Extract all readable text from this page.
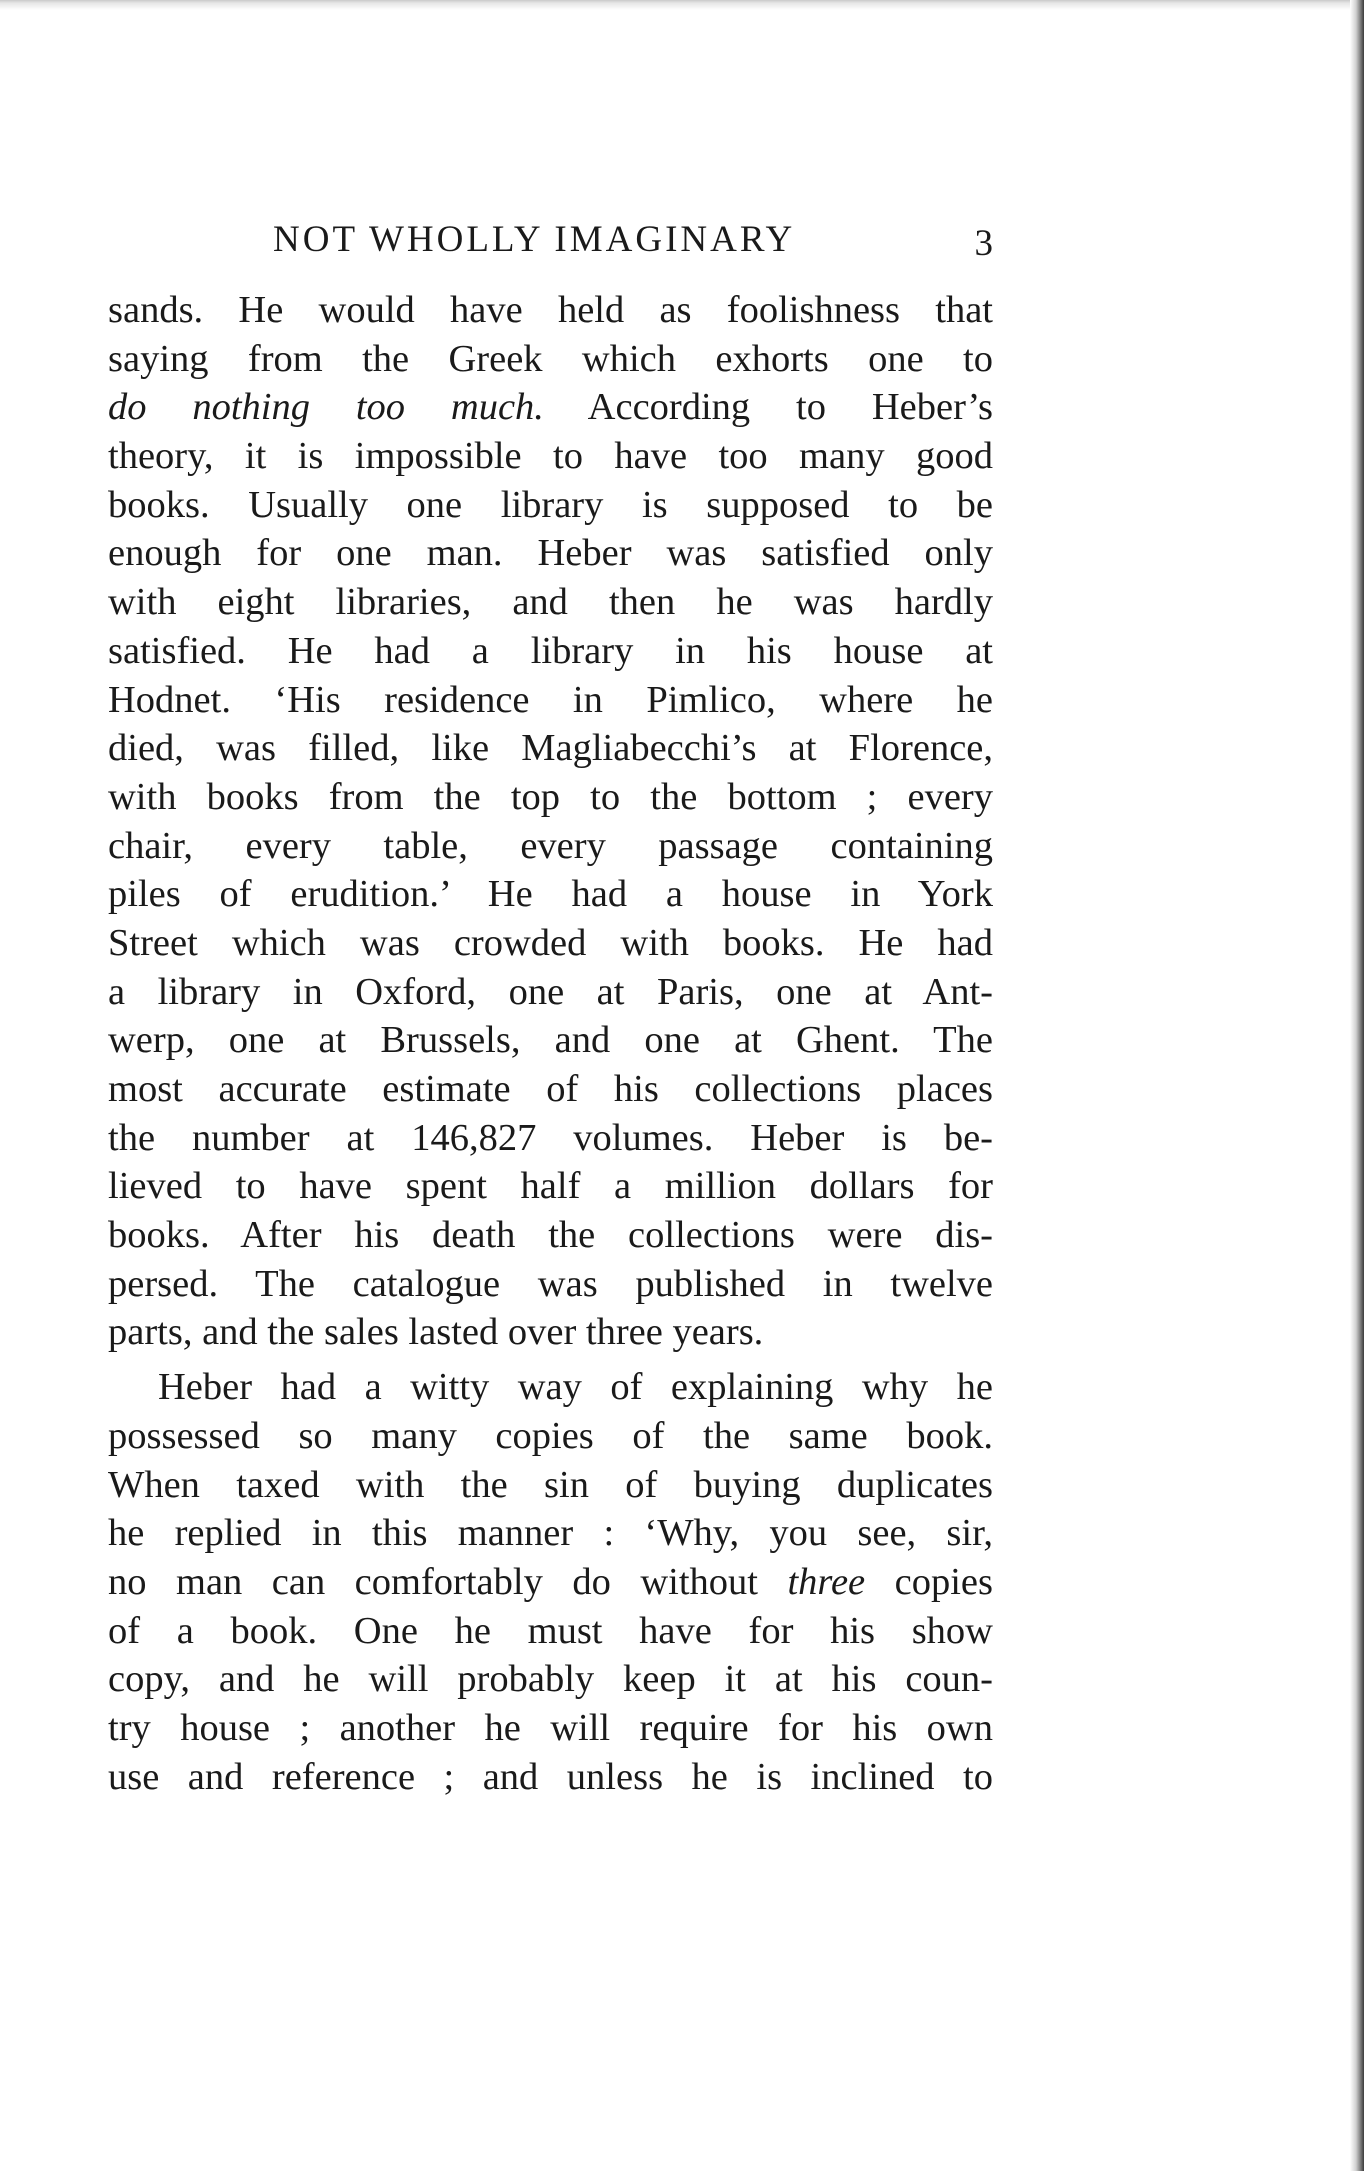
NOT WHOLLY IMAGINARY	3
sands. He would have held as foolishness that
saying from the Greek which exhorts one to
do nothing too much. According to Heber’s
theory, it is impossible to have too many good
books. Usually one library is supposed to be
enough for one man. Heber was satisfied only
with eight libraries, and then he was hardly
satisfied. He had a library in his house at
Hodnet. ‘His residence in Pimlico, where he
died, was filled, like Magliabecchi’s at Florence,
with books from the top to the bottom ; every
chair, every table, every passage containing
piles of erudition.’ He had a house in York
Street which was crowded with books. He had
a library in Oxford, one at Paris, one at Ant-
werp, one at Brussels, and one at Ghent. The
most accurate estimate of his collections places
the number at 146,827 volumes. Heber is be-
lieved to have spent half a million dollars for
books. After his death the collections were dis-
persed. The catalogue was published in twelve
parts, and the sales lasted over three years.
Heber had a witty way of explaining why he
possessed so many copies of the same book.
When taxed with the sin of buying duplicates
he replied in this manner : ‘Why, you see, sir,
no man can comfortably do without three copies
of a book. One he must have for his show
copy, and he will probably keep it at his coun-
try house ; another he will require for his own
use and reference ; and unless he is inclined to
